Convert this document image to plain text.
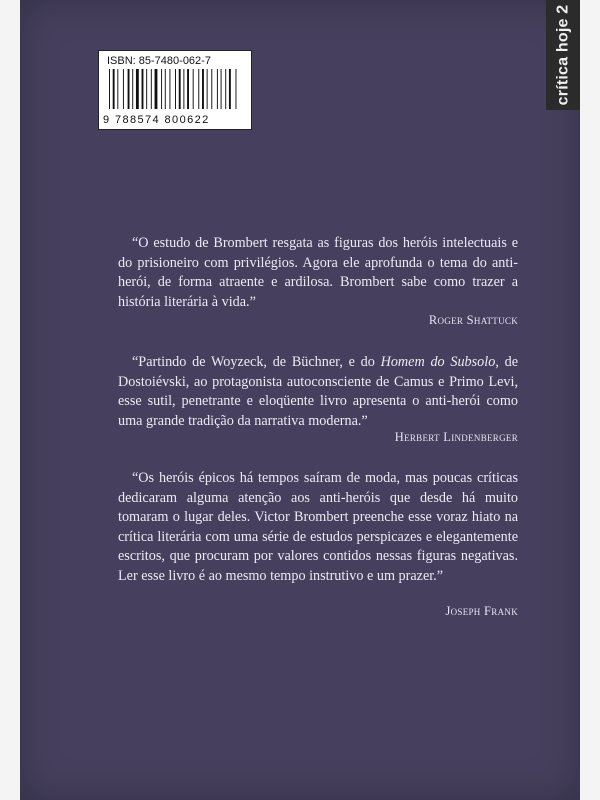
crítica hoje 2
ISBN: 85-7480-062-7
9 788574 800622

“O estudo de Brombert resgata as figuras dos heróis intelectuais e do prisioneiro com privilégios. Agora ele aprofunda o tema do anti-herói, de forma atraente e ardilosa. Brombert sabe como trazer a história literária à vida.”

Roger Shattuck

“Partindo de Woyzeck, de Büchner, e do Homem do Subsolo, de Dostoiévski, ao protagonista autoconsciente de Camus e Primo Levi, esse sutil, penetrante e eloqüente livro apresenta o anti-herói como uma grande tradição da narrativa moderna.”

Herbert Lindenberger

“Os heróis épicos há tempos saíram de moda, mas poucas críticas dedicaram alguma atenção aos anti-heróis que desde há muito tomaram o lugar deles. Victor Brombert preenche esse voraz hiato na crítica literária com uma série de estudos perspicazes e elegantemente escritos, que procuram por valores contidos nessas figuras negativas. Ler esse livro é ao mesmo tempo instrutivo e um prazer.”

Joseph Frank
